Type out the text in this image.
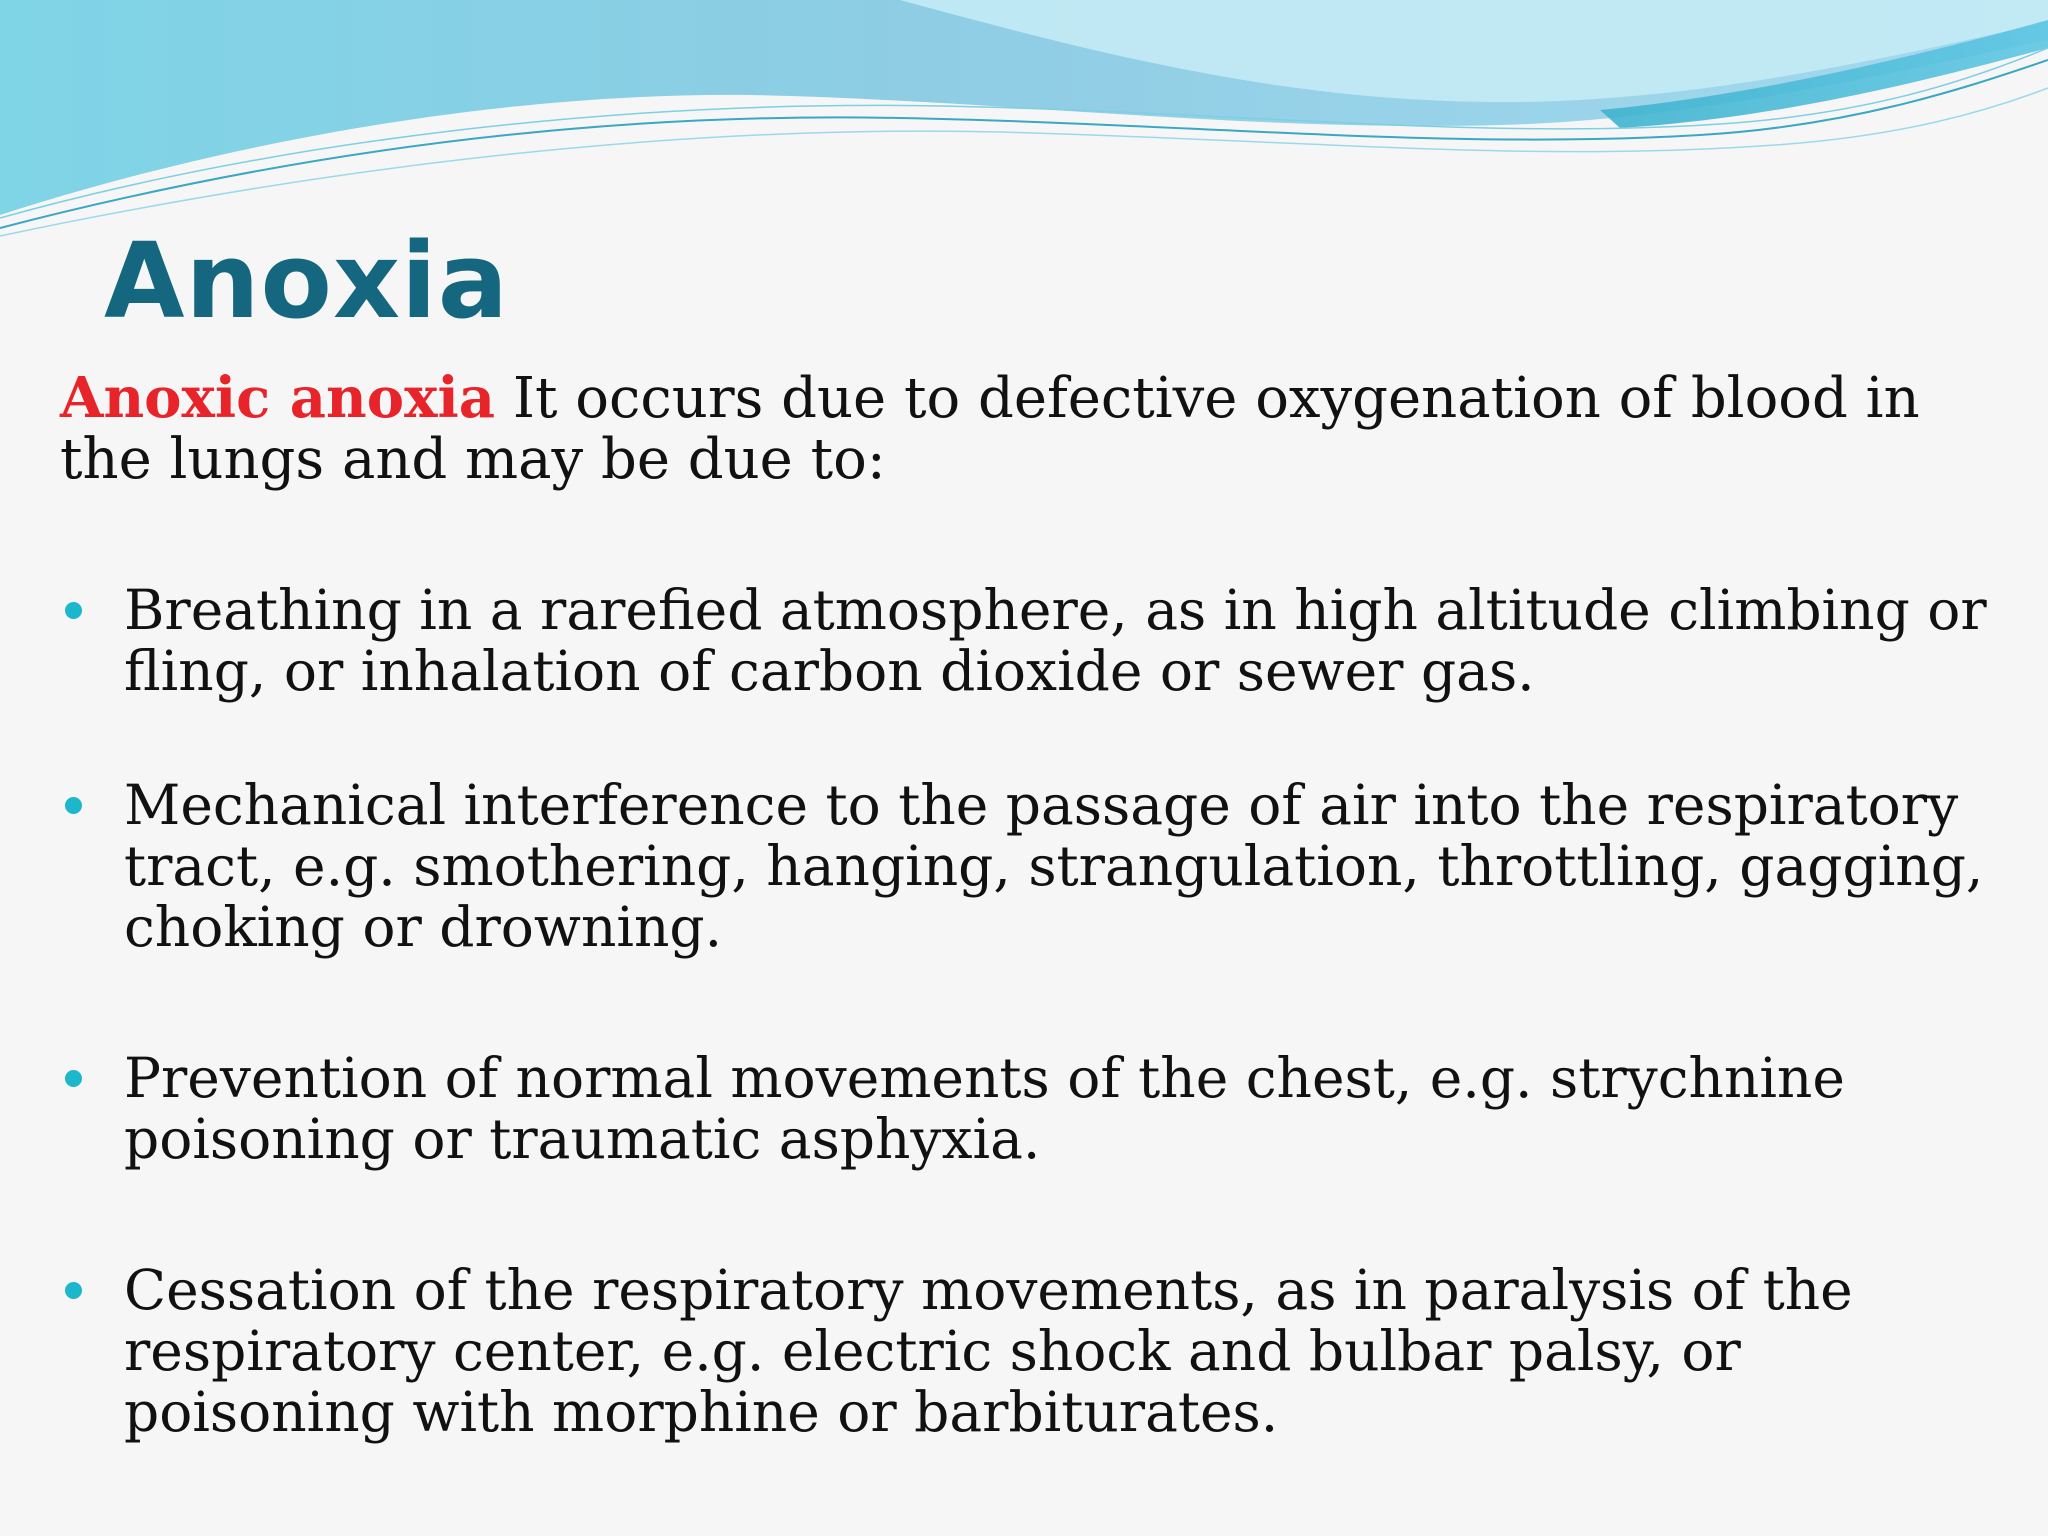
Anoxia

Anoxic anoxia It occurs due to defective oxygenation of blood in the lungs and may be due to:

Breathing in a rarefied atmosphere, as in high altitude climbing or fling, or inhalation of carbon dioxide or sewer gas.
Mechanical interference to the passage of air into the respiratory tract, e.g. smothering, hanging, strangulation, throttling, gagging, choking or drowning.
Prevention of normal movements of the chest, e.g. strychnine poisoning or traumatic asphyxia.
Cessation of the respiratory movements, as in paralysis of the respiratory center, e.g. electric shock and bulbar palsy, or poisoning with morphine or barbiturates.
